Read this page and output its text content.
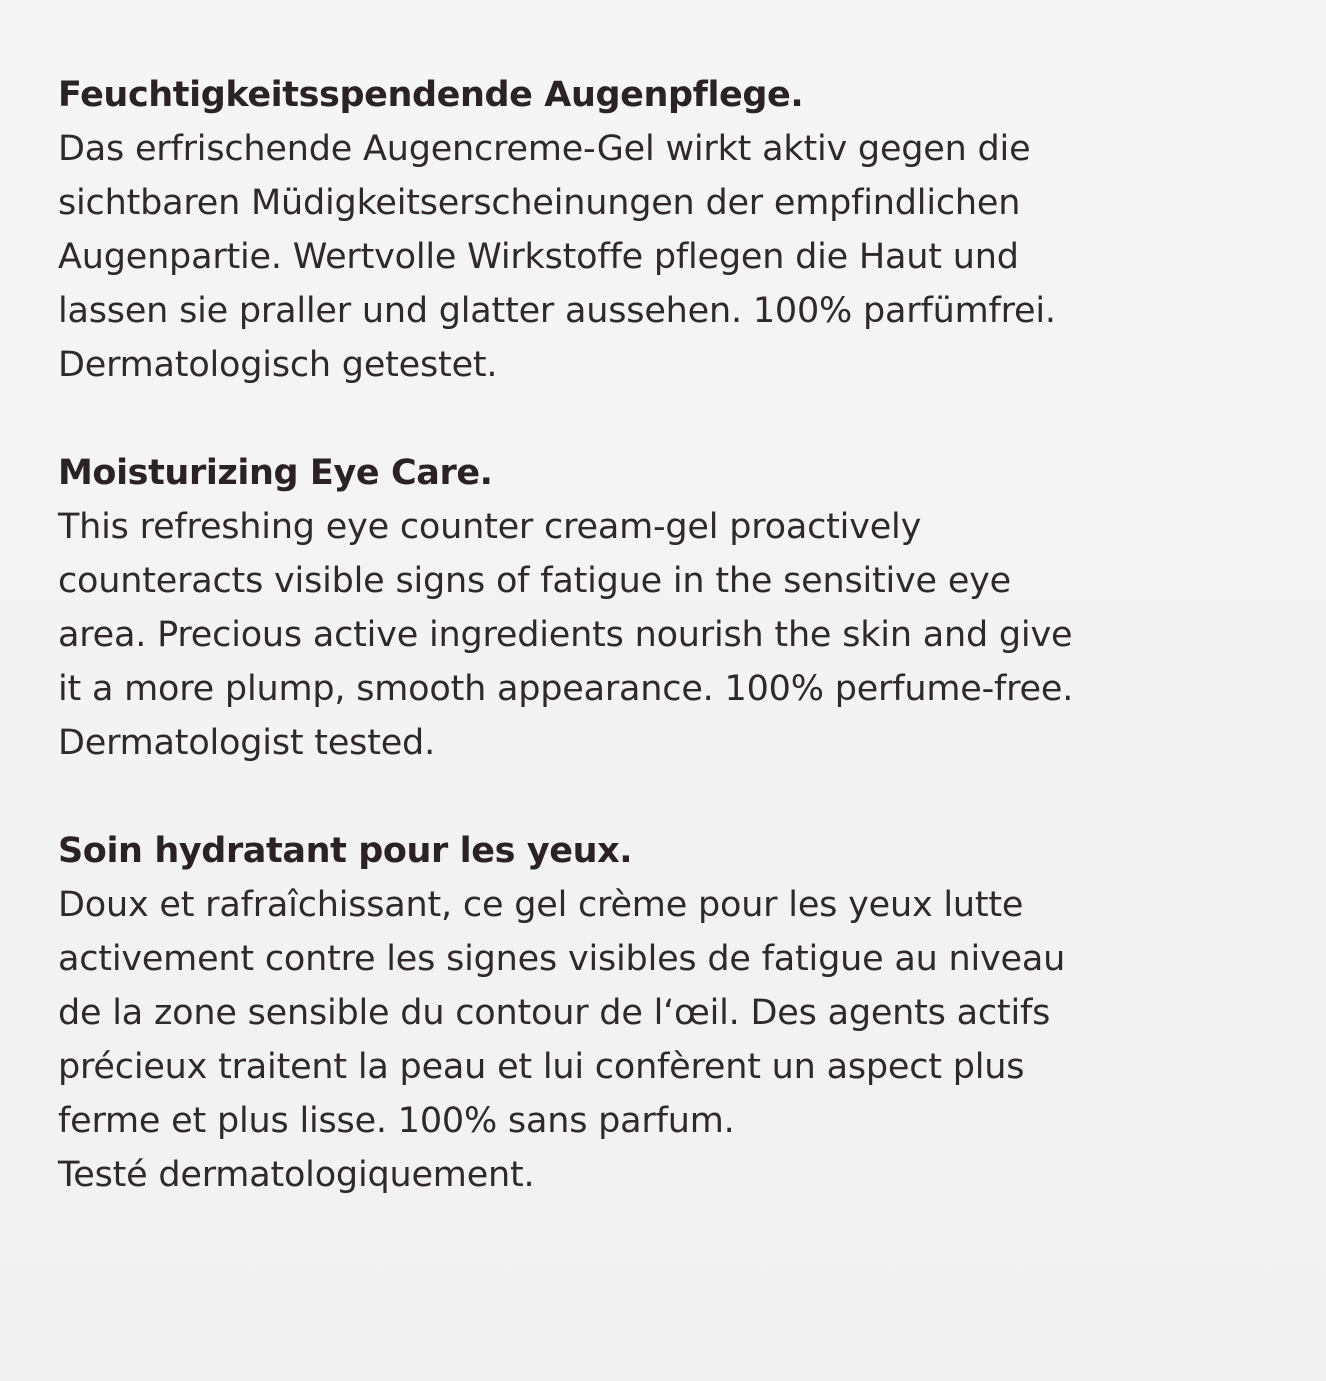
Feuchtigkeitsspendende Augenpflege.
Das erfrischende Augencreme-Gel wirkt aktiv gegen die
sichtbaren Müdigkeitserscheinungen der empfindlichen
Augenpartie. Wertvolle Wirkstoffe pflegen die Haut und
lassen sie praller und glatter aussehen. 100% parfümfrei.
Dermatologisch getestet.
Moisturizing Eye Care.
This refreshing eye counter cream-gel proactively
counteracts visible signs of fatigue in the sensitive eye
area. Precious active ingredients nourish the skin and give
it a more plump, smooth appearance. 100% perfume-free.
Dermatologist tested.
Soin hydratant pour les yeux.
Doux et rafraîchissant, ce gel crème pour les yeux lutte
activement contre les signes visibles de fatigue au niveau
de la zone sensible du contour de l‘œil. Des agents actifs
précieux traitent la peau et lui confèrent un aspect plus
ferme et plus lisse. 100% sans parfum.
Testé dermatologiquement.
